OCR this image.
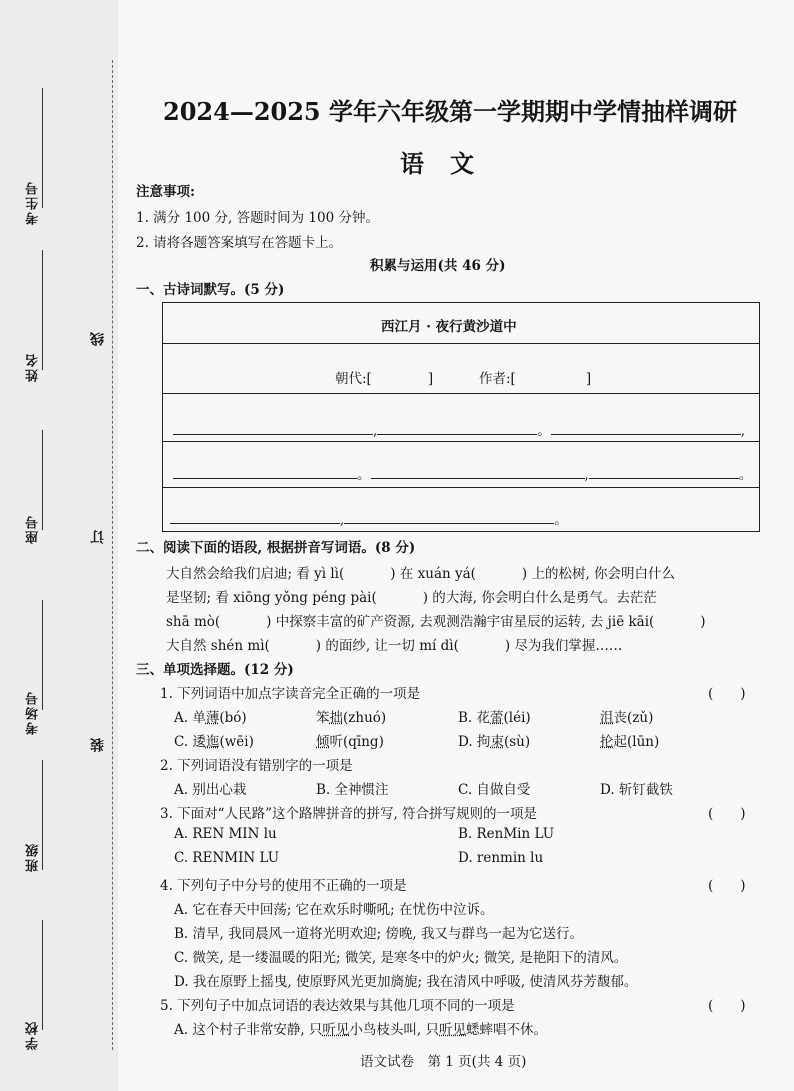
考生号
姓名
座号
考场号
班级
学校
线
订
装
2024—2025 学年六年级第一学期期中学情抽样调研
语文
注意事项:
1. 满分 100 分, 答题时间为 100 分钟。
2. 请将各题答案填写在答题卡上。
积累与运用(共 46 分)
一、古诗词默写。(5 分)
西江月 · 夜行黄沙道中
朝代:[	]	作者:[	]
,	。	,
。	,	。
,	。
二、阅读下面的语段, 根据拼音写词语。(8 分)
大自然会给我们启迪; 看 yì lì(	) 在 xuán yá(	) 上的松树, 你会明白什么
是坚韧; 看 xiōng yǒng péng pài(	) 的大海, 你会明白什么是勇气。去茫茫
shā mò(	) 中探察丰富的矿产资源, 去观测浩瀚宇宙星辰的运转, 去 jiē kāi(	)
大自然 shén mì(	) 的面纱, 让一切 mí dì(	) 尽为我们掌握……
三、单项选择题。(12 分)
1. 下列词语中加点字读音完全正确的一项是	(　　)
A. 单薄(bó)	笨拙(zhuó)	B. 花蕾(léi)	沮丧(zǔ)
C. 逶迤(wēi)	倾听(qīng)	D. 拘束(sù)	抡起(lūn)
2. 下列词语没有错别字的一项是
A. 别出心栽	B. 全神惯注	C. 自做自受	D. 斩钉截铁
3. 下面对“人民路”这个路牌拼音的拼写, 符合拼写规则的一项是	(　　)
A. REN MIN lu	B. RenMin LU
C. RENMIN LU	D. renmin lu
4. 下列句子中分号的使用不正确的一项是	(　　)
A. 它在春天中回荡; 它在欢乐时嘶吼; 在忧伤中泣诉。
B. 清早, 我同晨风一道将光明欢迎; 傍晚, 我又与群鸟一起为它送行。
C. 微笑, 是一缕温暖的阳光; 微笑, 是寒冬中的炉火; 微笑, 是艳阳下的清风。
D. 我在原野上摇曳, 使原野风光更加旖旎; 我在清风中呼吸, 使清风芬芳馥郁。
5. 下列句子中加点词语的表达效果与其他几项不同的一项是	(　　)
A. 这个村子非常安静, 只听见小鸟枝头叫, 只听见蟋蟀唱不休。
语文试卷　第 1 页(共 4 页)
